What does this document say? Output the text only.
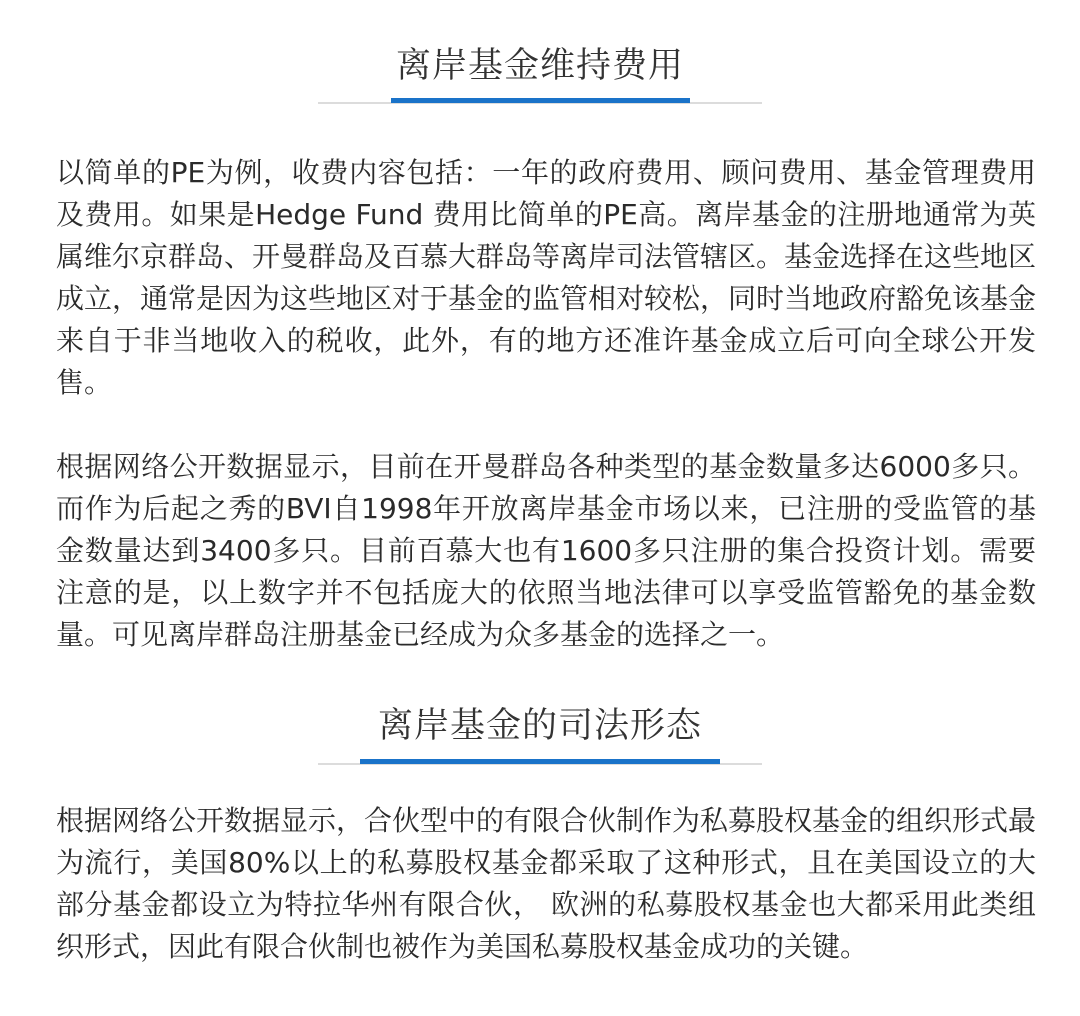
离岸基金维持费用

以简单的PE为例，收费内容包括：一年的政府费用、顾问费用、基金管理费用及费用。如果是Hedge Fund 费用比简单的PE高。离岸基金的注册地通常为英属维尔京群岛、开曼群岛及百慕大群岛等离岸司法管辖区。基金选择在这些地区成立，通常是因为这些地区对于基金的监管相对较松，同时当地政府豁免该基金来自于非当地收入的税收，此外，有的地方还准许基金成立后可向全球公开发售。

根据网络公开数据显示，目前在开曼群岛各种类型的基金数量多达6000多只。而作为后起之秀的BVI自1998年开放离岸基金市场以来，已注册的受监管的基金数量达到3400多只。目前百慕大也有1600多只注册的集合投资计划。需要注意的是，以上数字并不包括庞大的依照当地法律可以享受监管豁免的基金数量。可见离岸群岛注册基金已经成为众多基金的选择之一。

离岸基金的司法形态

根据网络公开数据显示，合伙型中的有限合伙制作为私募股权基金的组织形式最为流行，美国80%以上的私募股权基金都采取了这种形式，且在美国设立的大部分基金都设立为特拉华州有限合伙， 欧洲的私募股权基金也大都采用此类组织形式，因此有限合伙制也被作为美国私募股权基金成功的关键。
